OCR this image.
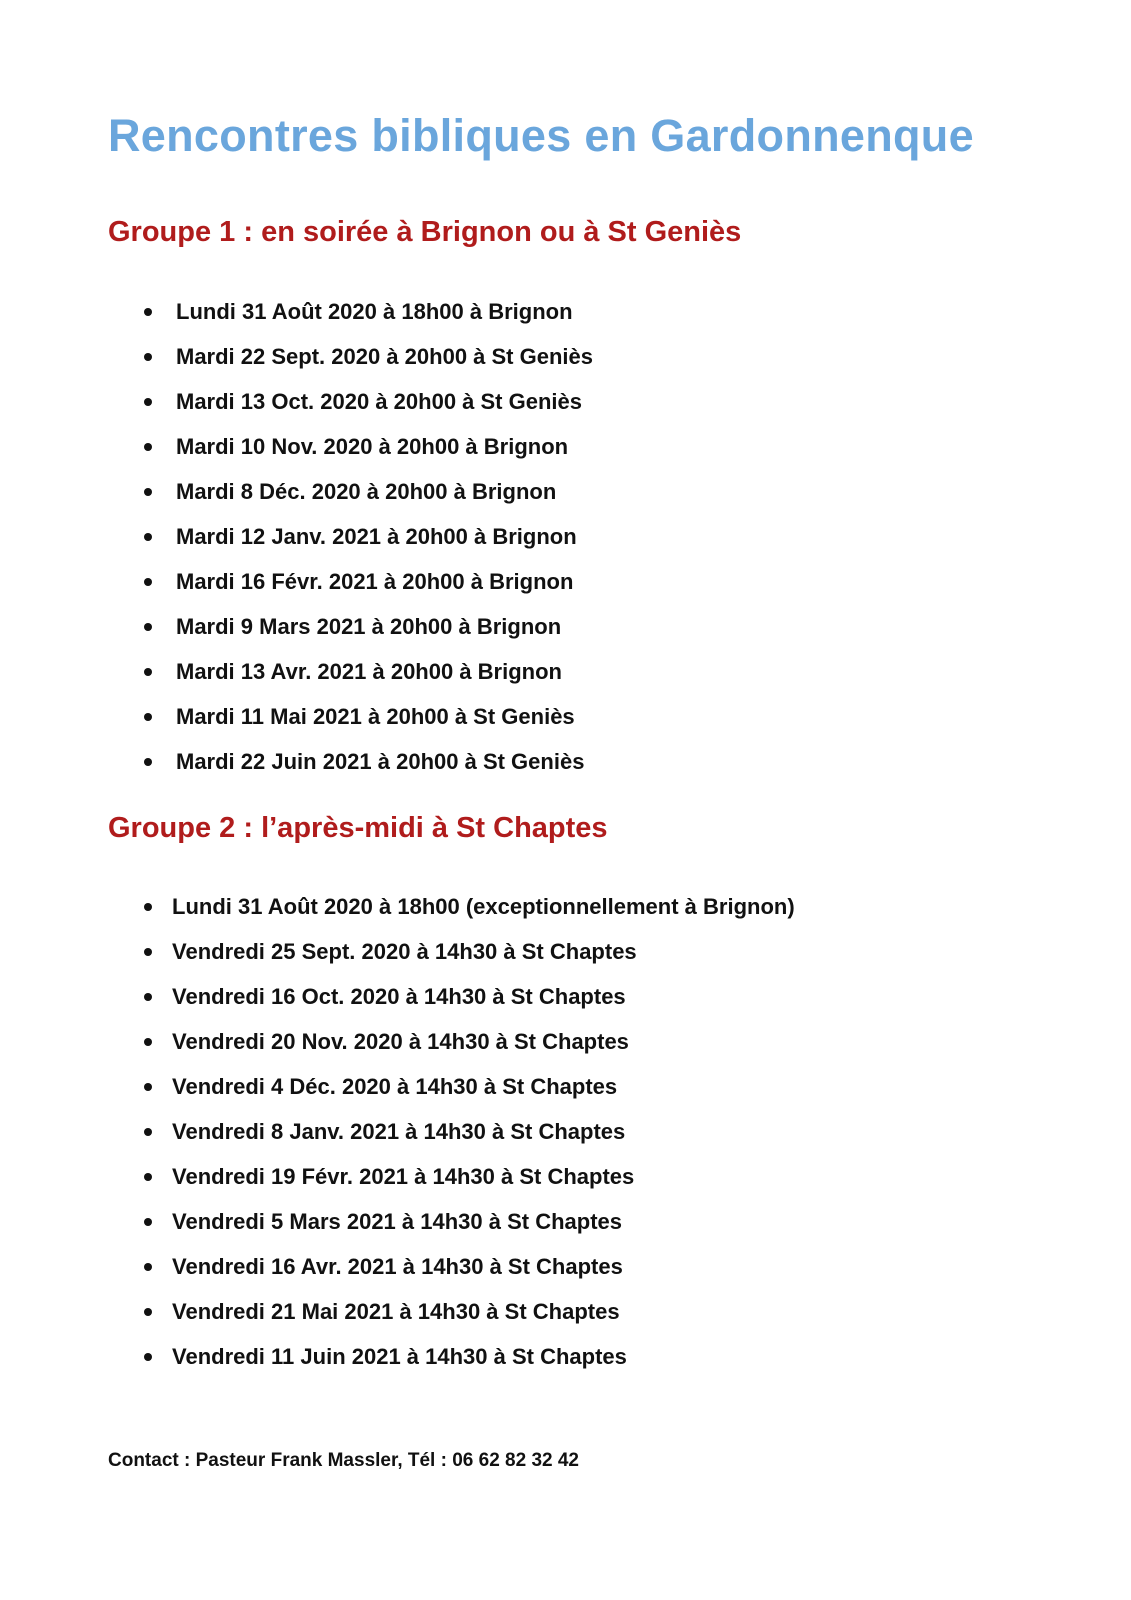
Rencontres bibliques en Gardonnenque
Groupe 1 : en soirée à Brignon ou à St Geniès
Lundi 31 Août 2020 à 18h00 à Brignon
Mardi 22 Sept. 2020 à 20h00 à St Geniès
Mardi 13 Oct. 2020 à 20h00 à St Geniès
Mardi 10 Nov. 2020 à 20h00 à Brignon
Mardi 8 Déc. 2020 à 20h00 à Brignon
Mardi 12 Janv. 2021 à 20h00 à Brignon
Mardi 16 Févr. 2021 à 20h00 à Brignon
Mardi 9 Mars 2021 à 20h00 à Brignon
Mardi 13 Avr. 2021 à 20h00 à Brignon
Mardi 11 Mai 2021 à 20h00 à St Geniès
Mardi 22 Juin 2021 à 20h00 à St Geniès
Groupe 2 : l’après-midi à St Chaptes
Lundi 31 Août 2020 à 18h00 (exceptionnellement à Brignon)
Vendredi 25 Sept. 2020 à 14h30 à St Chaptes
Vendredi 16 Oct. 2020 à 14h30 à St Chaptes
Vendredi 20 Nov. 2020 à 14h30 à St Chaptes
Vendredi 4 Déc. 2020 à 14h30 à St Chaptes
Vendredi 8 Janv. 2021 à 14h30 à St Chaptes
Vendredi 19 Févr. 2021 à 14h30 à St Chaptes
Vendredi 5 Mars 2021 à 14h30 à St Chaptes
Vendredi 16 Avr. 2021 à 14h30 à St Chaptes
Vendredi 21 Mai 2021 à 14h30 à St Chaptes
Vendredi 11 Juin 2021 à 14h30 à St Chaptes

Contact : Pasteur Frank Massler, Tél : 06 62 82 32 42
